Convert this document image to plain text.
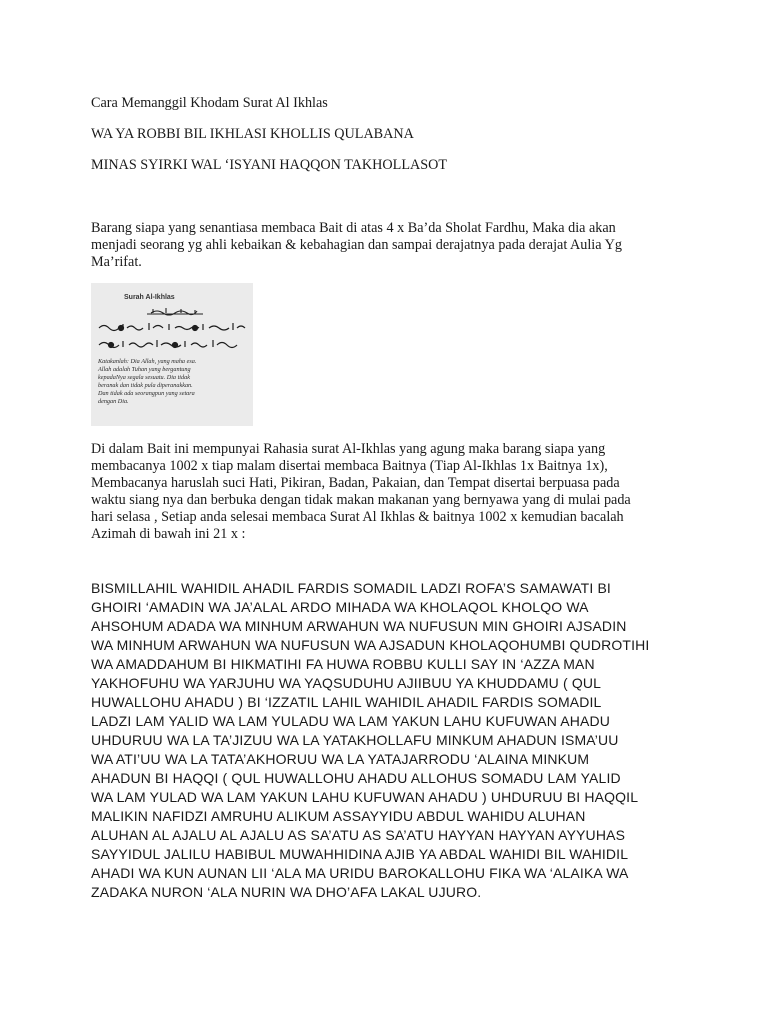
Cara Memanggil Khodam Surat Al Ikhlas
WA YA ROBBI BIL IKHLASI KHOLLIS QULABANA
MINAS SYIRKI WAL ‘ISYANI HAQQON TAKHOLLASOT
Barang siapa yang senantiasa membaca Bait di atas 4 x Ba’da Sholat Fardhu, Maka dia akan
menjadi seorang yg ahli kebaikan & kebahagian dan sampai derajatnya pada derajat Aulia Yg
Ma’rifat.
Surah Al-Ikhlas
Katakanlah: Dia Allah, yang maha esa.
Allah adalah Tuhan yang bergantung
kepadaNya segala sesuatu. Dia tidak
beranak dan tidak pula diperanakkan.
Dan tidak ada seorangpun yang setara
dengan Dia.
Di dalam Bait ini mempunyai Rahasia surat Al-Ikhlas yang agung maka barang siapa yang
membacanya 1002 x tiap malam disertai membaca Baitnya (Tiap Al-Ikhlas 1x Baitnya 1x),
Membacanya haruslah suci Hati, Pikiran, Badan, Pakaian, dan Tempat disertai berpuasa pada
waktu siang nya dan berbuka dengan tidak makan makanan yang bernyawa yang di mulai pada
hari selasa , Setiap anda selesai membaca Surat Al Ikhlas & baitnya 1002 x kemudian bacalah
Azimah di bawah ini 21 x :
BISMILLAHIL WAHIDIL AHADIL FARDIS SOMADIL LADZI ROFA’S SAMAWATI BI
GHOIRI ‘AMADIN WA JA’ALAL ARDO MIHADA WA KHOLAQOL KHOLQO WA
AHSOHUM ADADA WA MINHUM ARWAHUN WA NUFUSUN MIN GHOIRI AJSADIN
WA MINHUM ARWAHUN WA NUFUSUN WA AJSADUN KHOLAQOHUMBI QUDROTIHI
WA AMADDAHUM BI HIKMATIHI FA HUWA ROBBU KULLI SAY IN ‘AZZA MAN
YAKHOFUHU WA YARJUHU WA YAQSUDUHU AJIIBUU YA KHUDDAMU ( QUL
HUWALLOHU AHADU ) BI ‘IZZATIL LAHIL WAHIDIL AHADIL FARDIS SOMADIL
LADZI LAM YALID WA LAM YULADU WA LAM YAKUN LAHU KUFUWAN AHADU
UHDURUU WA LA TA’JIZUU WA LA YATAKHOLLAFU MINKUM AHADUN ISMA’UU
WA ATI’UU WA LA TATA’AKHORUU WA LA YATAJARRODU ‘ALAINA MINKUM
AHADUN BI HAQQI ( QUL HUWALLOHU AHADU ALLOHUS SOMADU LAM YALID
WA LAM YULAD WA LAM YAKUN LAHU KUFUWAN AHADU ) UHDURUU BI HAQQIL
MALIKIN NAFIDZI AMRUHU ALIKUM ASSAYYIDU ABDUL WAHIDU ALUHAN
ALUHAN AL AJALU AL AJALU AS SA’ATU AS SA’ATU HAYYAN HAYYAN AYYUHAS
SAYYIDUL JALILU HABIBUL MUWAHHIDINA AJIB YA ABDAL WAHIDI BIL WAHIDIL
AHADI WA KUN AUNAN LII ‘ALA MA URIDU BAROKALLOHU FIKA WA ‘ALAIKA WA
ZADAKA NURON ‘ALA NURIN WA DHO’AFA LAKAL UJURO.
